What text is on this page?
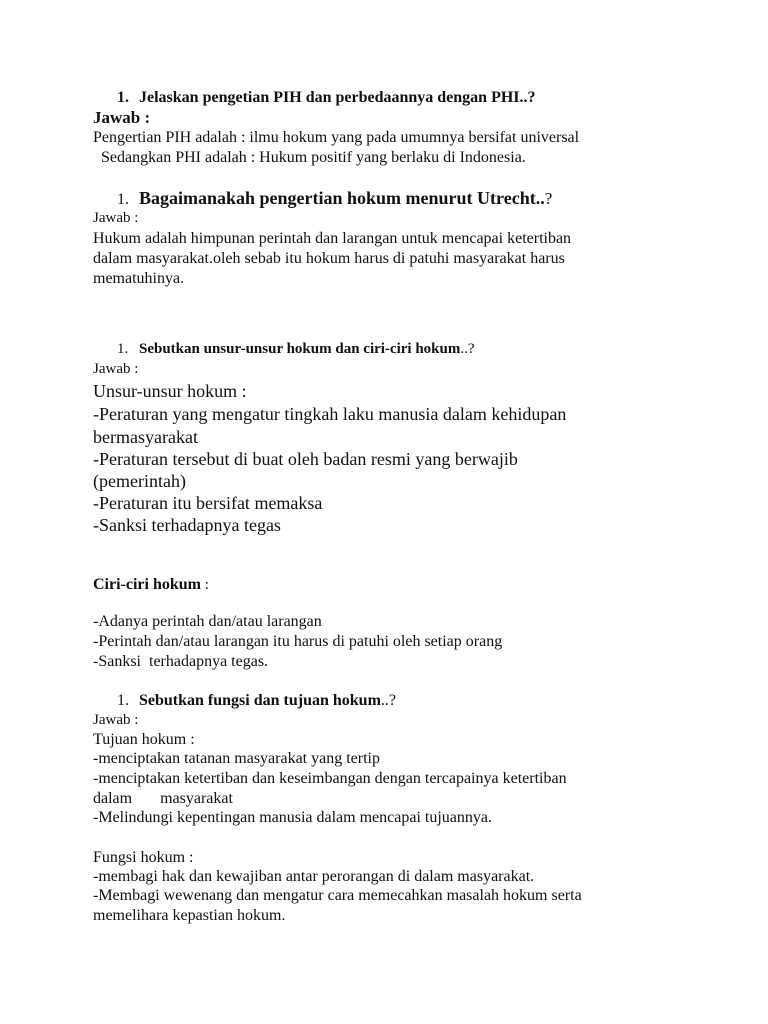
1. Jelaskan pengetian PIH dan perbedaannya dengan PHI..?
Jawab :
Pengertian PIH adalah : ilmu hokum yang pada umumnya bersifat universal
Sedangkan PHI adalah : Hukum positif yang berlaku di Indonesia.
1. Bagaimanakah pengertian hokum menurut Utrecht..?
Jawab :
Hukum adalah himpunan perintah dan larangan untuk mencapai ketertiban
dalam masyarakat.oleh sebab itu hokum harus di patuhi masyarakat harus
mematuhinya.
1. Sebutkan unsur-unsur hokum dan ciri-ciri hokum..?
Jawab :
Unsur-unsur hokum :
-Peraturan yang mengatur tingkah laku manusia dalam kehidupan
bermasyarakat
-Peraturan tersebut di buat oleh badan resmi yang berwajib
(pemerintah)
-Peraturan itu bersifat memaksa
-Sanksi terhadapnya tegas
Ciri-ciri hokum :
-Adanya perintah dan/atau larangan
-Perintah dan/atau larangan itu harus di patuhi oleh setiap orang
-Sanksi  terhadapnya tegas.
1. Sebutkan fungsi dan tujuan hokum..?
Jawab :
Tujuan hokum :
-menciptakan tatanan masyarakat yang tertip
-menciptakan ketertiban dan keseimbangan dengan tercapainya ketertiban
dalam       masyarakat
-Melindungi kepentingan manusia dalam mencapai tujuannya.
Fungsi hokum :
-membagi hak dan kewajiban antar perorangan di dalam masyarakat.
-Membagi wewenang dan mengatur cara memecahkan masalah hokum serta
memelihara kepastian hokum.
